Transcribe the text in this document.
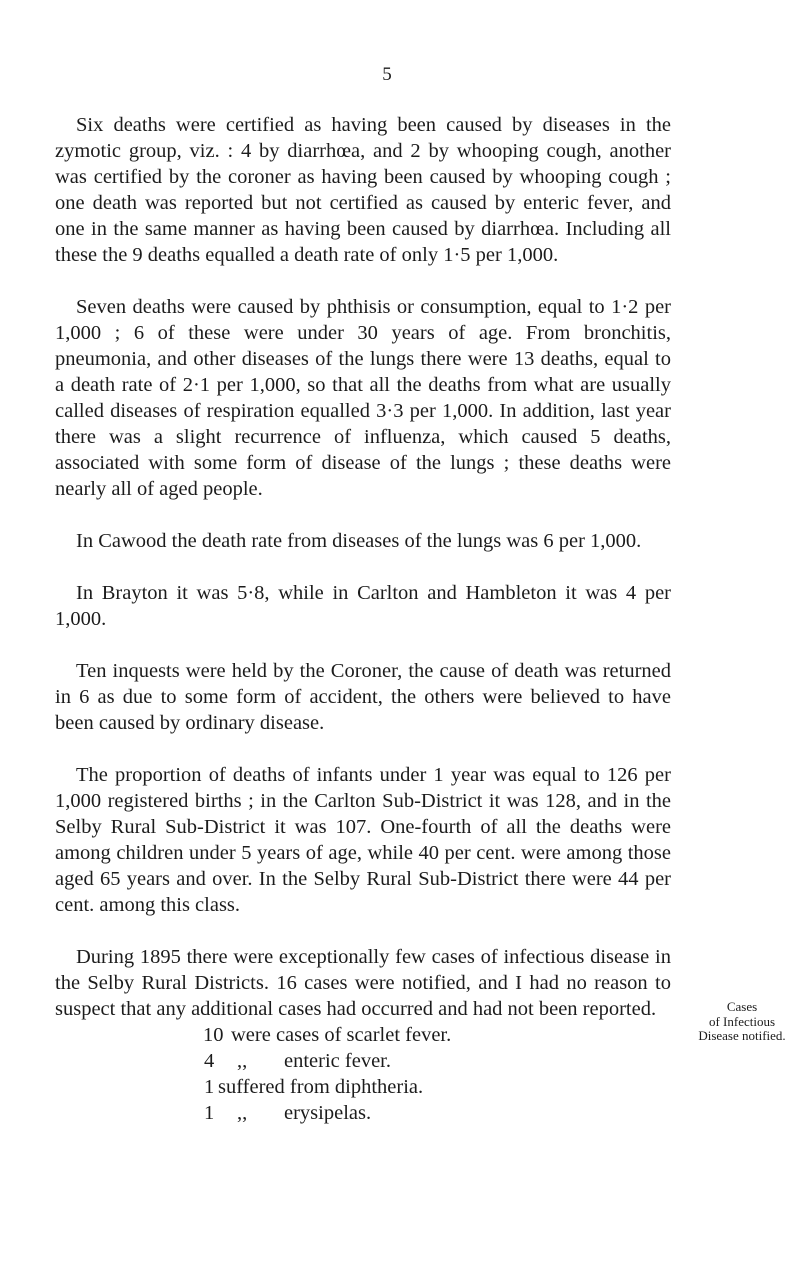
5

Six deaths were certified as having been caused by diseases in the zymotic group, viz. : 4 by diarrhœa, and 2 by whooping cough, another was certified by the coroner as having been caused by whooping cough ; one death was reported but not certified as caused by enteric fever, and one in the same manner as having been caused by diarrhœa. Including all these the 9 deaths equalled a death rate of only 1·5 per 1,000.

Seven deaths were caused by phthisis or consumption, equal to 1·2 per 1,000 ; 6 of these were under 30 years of age. From bronchitis, pneumonia, and other diseases of the lungs there were 13 deaths, equal to a death rate of 2·1 per 1,000, so that all the deaths from what are usually called diseases of respiration equalled 3·3 per 1,000. In addition, last year there was a slight recurrence of influenza, which caused 5 deaths, associated with some form of disease of the lungs ; these deaths were nearly all of aged people.

In Cawood the death rate from diseases of the lungs was 6 per 1,000.

In Brayton it was 5·8, while in Carlton and Hambleton it was 4 per 1,000.

Ten inquests were held by the Coroner, the cause of death was returned in 6 as due to some form of accident, the others were believed to have been caused by ordinary disease.

The proportion of deaths of infants under 1 year was equal to 126 per 1,000 registered births ; in the Carlton Sub-District it was 128, and in the Selby Rural Sub-District it was 107. One-fourth of all the deaths were among children under 5 years of age, while 40 per cent. were among those aged 65 years and over. In the Selby Rural Sub-District there were 44 per cent. among this class.

During 1895 there were exceptionally few cases of infectious disease in the Selby Rural Districts. 16 cases were notified, and I had no reason to suspect that any additional cases had occurred and had not been reported.

10 were cases of scarlet fever.
4 ,, enteric fever.
1 suffered from diphtheria.
1 ,, erysipelas.
Cases
of Infectious
Disease notified.
